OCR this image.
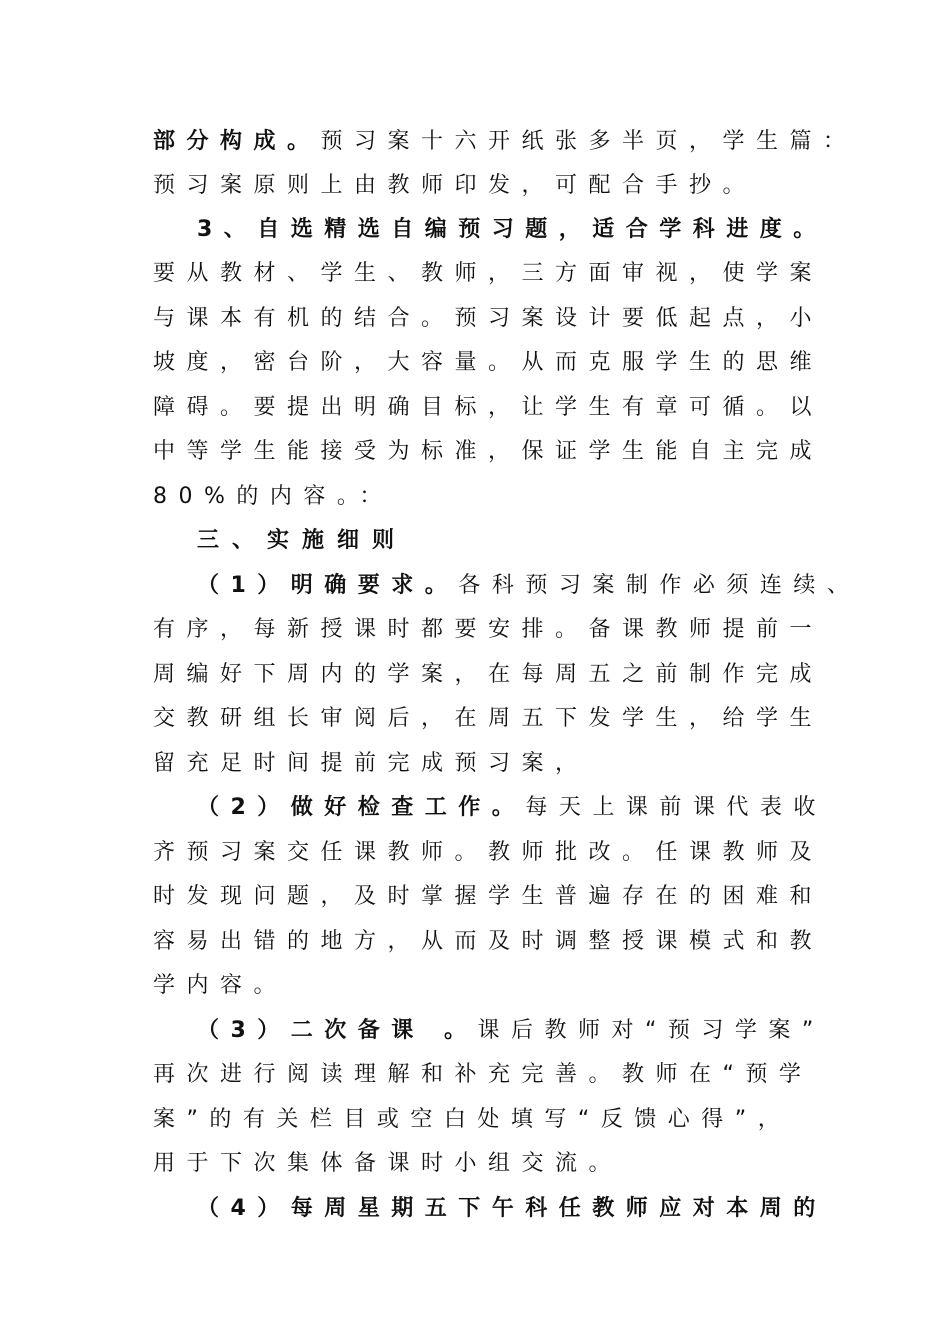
部分构成。预习案十六开纸张多半页，学生篇：
预习案原则上由教师印发，可配合手抄。
3、自选精选自编预习题，适合学科进度。
要从教材、学生、教师，三方面审视，使学案
与课本有机的结合。预习案设计要低起点，小
坡度，密台阶，大容量。从而克服学生的思维
障碍。要提出明确目标，让学生有章可循。以
中等学生能接受为标准，保证学生能自主完成
80%的内容。：
三、实施细则
（1）明确要求。各科预习案制作必须连续、
有序，每新授课时都要安排。备课教师提前一
周编好下周内的学案，在每周五之前制作完成
交教研组长审阅后，在周五下发学生，给学生
留充足时间提前完成预习案，
（2）做好检查工作。每天上课前课代表收
齐预习案交任课教师。教师批改。任课教师及
时发现问题，及时掌握学生普遍存在的困难和
容易出错的地方，从而及时调整授课模式和教
学内容。
（3）二次备课 。课后教师对“预习学案”
再次进行阅读理解和补充完善。教师在“预学
案”的有关栏目或空白处填写“反馈心得”，
用于下次集体备课时小组交流。
（4）每周星期五下午科任教师应对本周的
